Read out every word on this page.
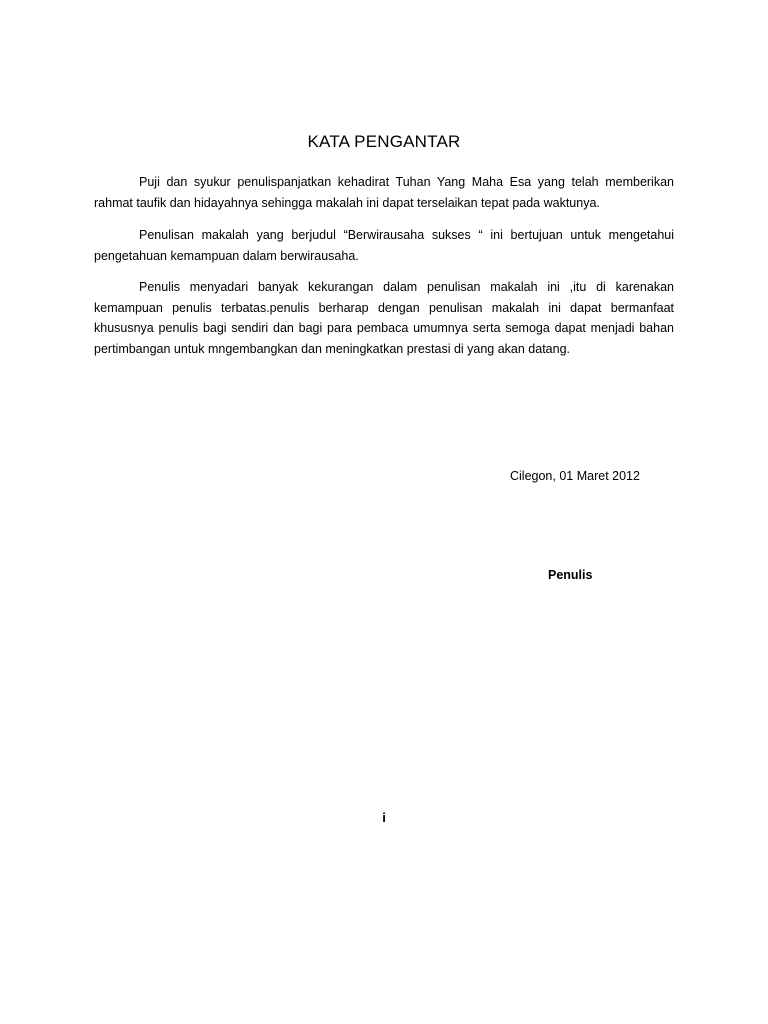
KATA PENGANTAR

Puji dan syukur penulispanjatkan kehadirat Tuhan Yang Maha Esa yang telah memberikan rahmat taufik dan hidayahnya sehingga makalah ini dapat terselaikan tepat pada waktunya.

Penulisan makalah yang berjudul “Berwirausaha sukses “ ini bertujuan untuk mengetahui pengetahuan kemampuan dalam berwirausaha.

Penulis menyadari banyak kekurangan dalam penulisan makalah ini ,itu di karenakan kemampuan penulis terbatas.penulis berharap dengan penulisan makalah ini dapat bermanfaat khususnya penulis bagi sendiri dan bagi para pembaca umumnya serta semoga dapat menjadi bahan pertimbangan untuk mngembangkan dan meningkatkan prestasi di yang akan datang.

Cilegon, 01 Maret 2012
Penulis
i
